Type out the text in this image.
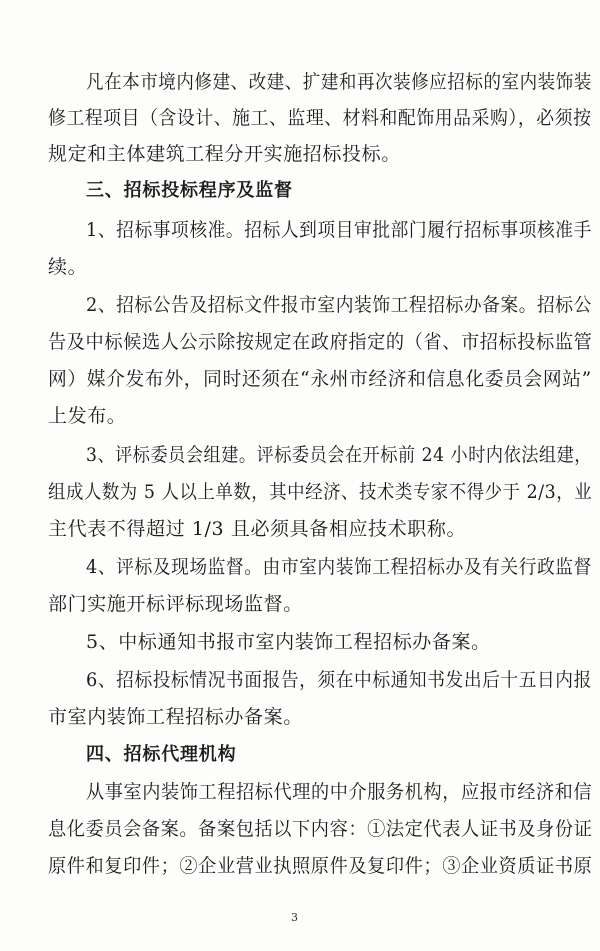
凡在本市境内修建、改建、扩建和再次装修应招标的室内装饰装
修工程项目（含设计、施工、监理、材料和配饰用品采购），必须按
规定和主体建筑工程分开实施招标投标。
三、招标投标程序及监督
1、招标事项核准。招标人到项目审批部门履行招标事项核准手
续。
2、招标公告及招标文件报市室内装饰工程招标办备案。招标公
告及中标候选人公示除按规定在政府指定的（省、市招标投标监管
网）媒介发布外，同时还须在“永州市经济和信息化委员会网站”
上发布。
3、评标委员会组建。评标委员会在开标前 24 小时内依法组建，
组成人数为 5 人以上单数，其中经济、技术类专家不得少于 2/3，业
主代表不得超过 1/3 且必须具备相应技术职称。
4、评标及现场监督。由市室内装饰工程招标办及有关行政监督
部门实施开标评标现场监督。
5、中标通知书报市室内装饰工程招标办备案。
6、招标投标情况书面报告，须在中标通知书发出后十五日内报
市室内装饰工程招标办备案。
四、招标代理机构
从事室内装饰工程招标代理的中介服务机构，应报市经济和信
息化委员会备案。备案包括以下内容：①法定代表人证书及身份证
原件和复印件；②企业营业执照原件及复印件；③企业资质证书原
3
